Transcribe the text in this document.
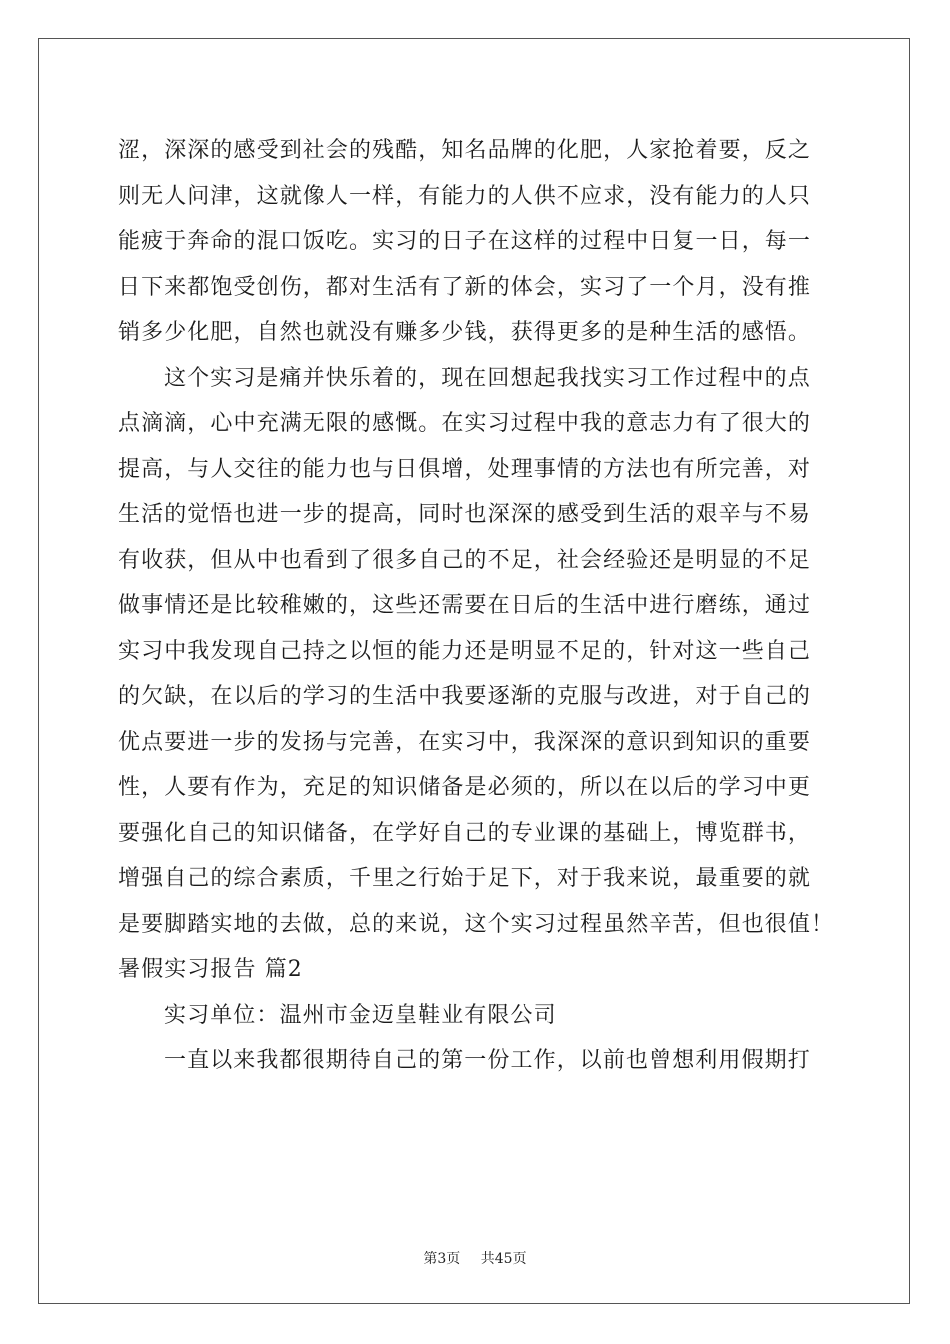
涩，深深的感受到社会的残酷，知名品牌的化肥，人家抢着要，反之
则无人问津，这就像人一样，有能力的人供不应求，没有能力的人只
能疲于奔命的混口饭吃。实习的日子在这样的过程中日复一日，每一
日下来都饱受创伤，都对生活有了新的体会，实习了一个月，没有推
销多少化肥，自然也就没有赚多少钱，获得更多的是种生活的感悟。
这个实习是痛并快乐着的，现在回想起我找实习工作过程中的点
点滴滴，心中充满无限的感慨。在实习过程中我的意志力有了很大的
提高，与人交往的能力也与日俱增，处理事情的方法也有所完善，对
生活的觉悟也进一步的提高，同时也深深的感受到生活的艰辛与不易
有收获，但从中也看到了很多自己的不足，社会经验还是明显的不足
做事情还是比较稚嫩的，这些还需要在日后的生活中进行磨练，通过
实习中我发现自己持之以恒的能力还是明显不足的，针对这一些自己
的欠缺，在以后的学习的生活中我要逐渐的克服与改进，对于自己的
优点要进一步的发扬与完善，在实习中，我深深的意识到知识的重要
性，人要有作为，充足的知识储备是必须的，所以在以后的学习中更
要强化自己的知识储备，在学好自己的专业课的基础上，博览群书，
增强自己的综合素质，千里之行始于足下，对于我来说，最重要的就
是要脚踏实地的去做，总的来说，这个实习过程虽然辛苦，但也很值！
暑假实习报告 篇2
实习单位：温州市金迈皇鞋业有限公司
一直以来我都很期待自己的第一份工作，以前也曾想利用假期打
第3页 共45页
